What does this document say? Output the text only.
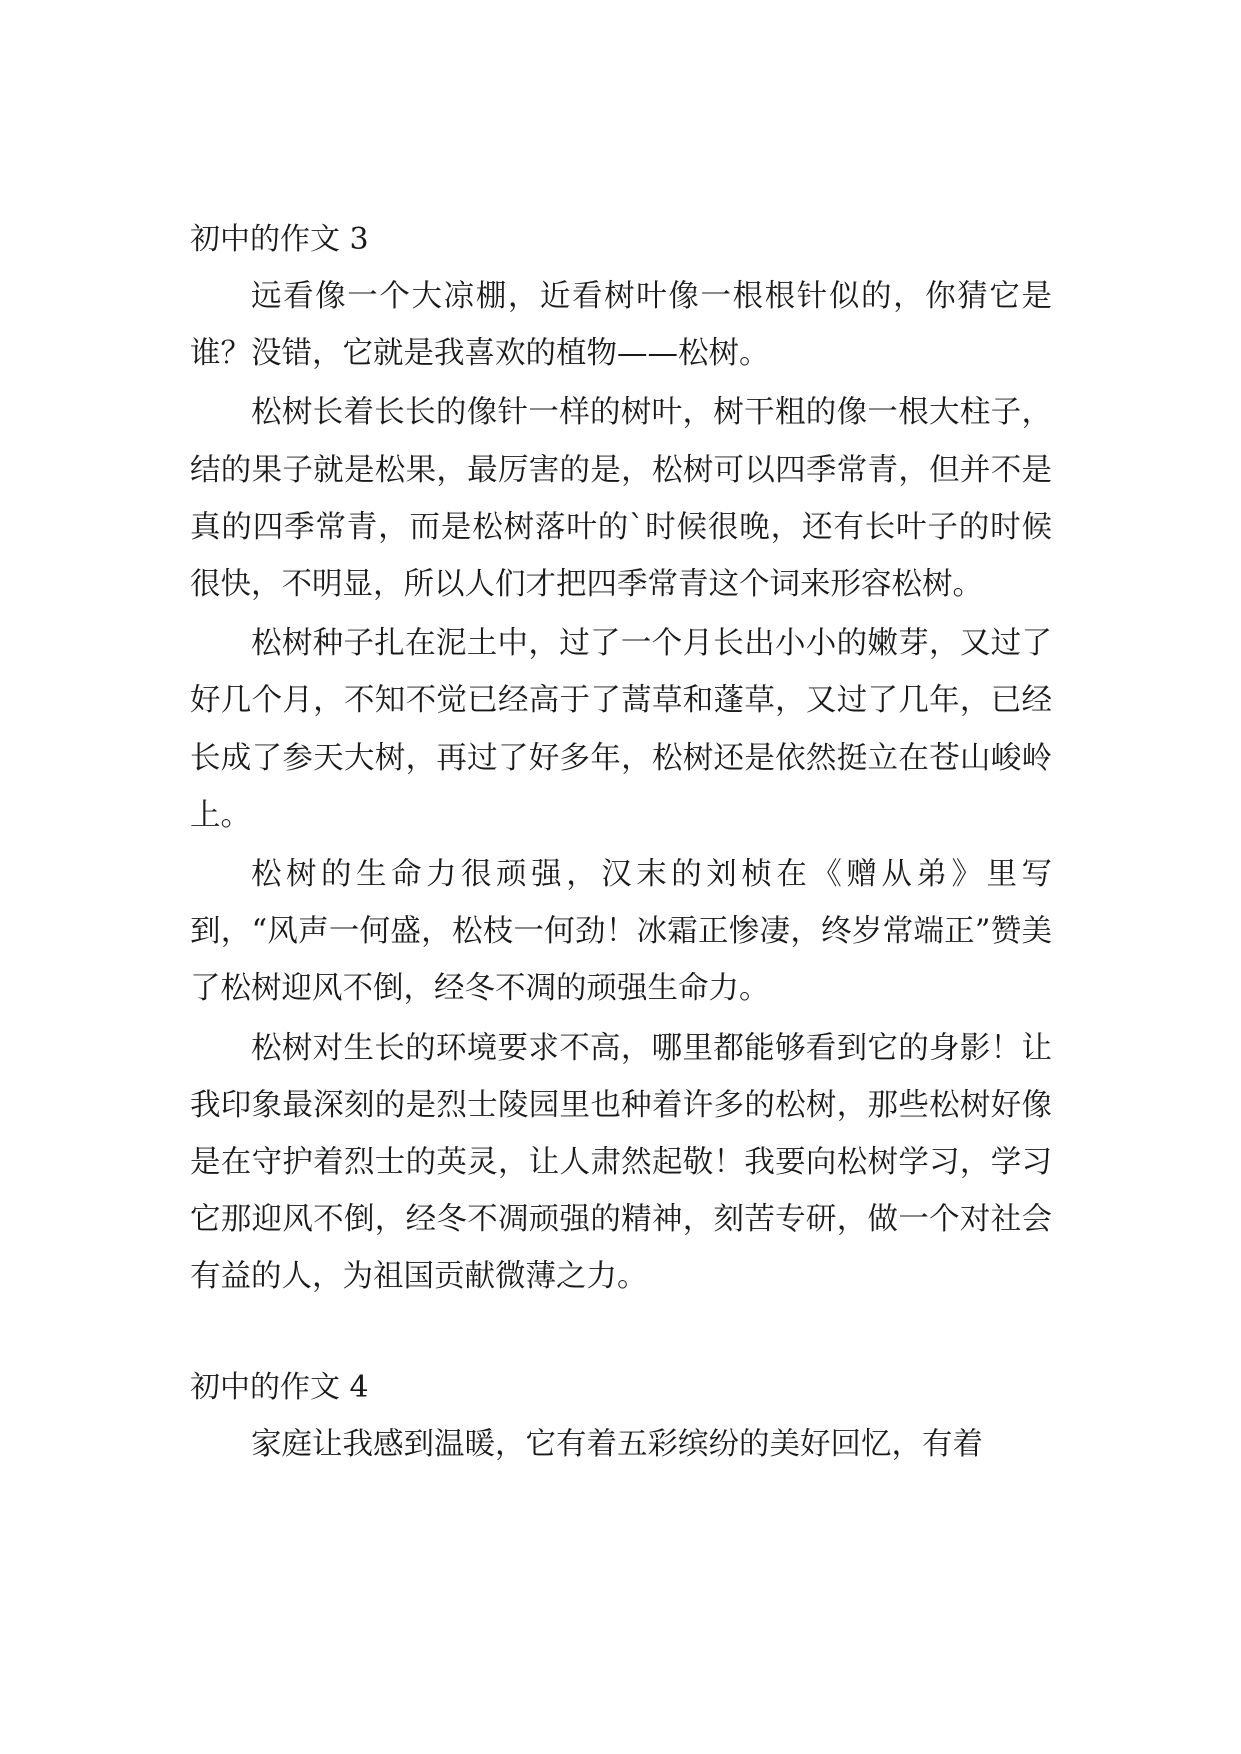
初中的作文 3

远看像一个大凉棚，近看树叶像一根根针似的，你猜它是谁？没错，它就是我喜欢的植物——松树。

松树长着长长的像针一样的树叶，树干粗的像一根大柱子，结的果子就是松果，最厉害的是，松树可以四季常青，但并不是真的四季常青，而是松树落叶的`时候很晚，还有长叶子的时候很快，不明显，所以人们才把四季常青这个词来形容松树。

松树种子扎在泥土中，过了一个月长出小小的嫩芽，又过了好几个月，不知不觉已经高于了蒿草和蓬草，又过了几年，已经长成了参天大树，再过了好多年，松树还是依然挺立在苍山峻岭上。

松树的生命力很顽强，汉末的刘桢在《赠从弟》里写到，“风声一何盛，松枝一何劲！冰霜正惨凄，终岁常端正”赞美了松树迎风不倒，经冬不凋的顽强生命力。

松树对生长的环境要求不高，哪里都能够看到它的身影！让我印象最深刻的是烈士陵园里也种着许多的松树，那些松树好像是在守护着烈士的英灵，让人肃然起敬！我要向松树学习，学习它那迎风不倒，经冬不凋顽强的精神，刻苦专研，做一个对社会有益的人，为祖国贡献微薄之力。

初中的作文 4

家庭让我感到温暖，它有着五彩缤纷的美好回忆，有着
